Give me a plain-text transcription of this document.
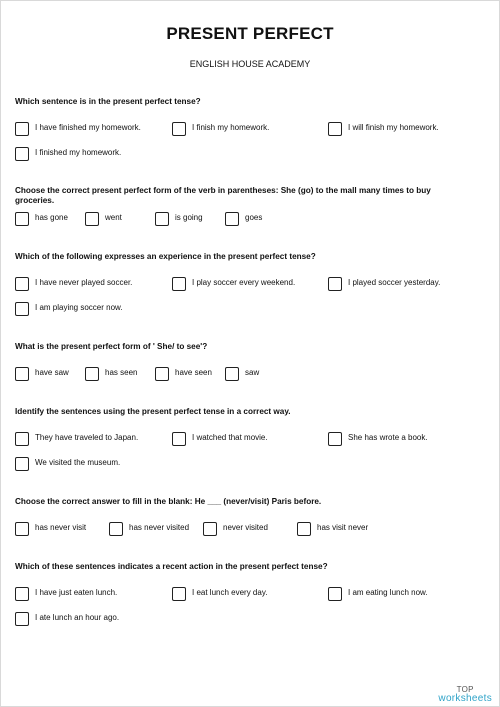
PRESENT PERFECT
ENGLISH HOUSE ACADEMY
Which sentence is in the present perfect tense?
I have finished my homework.	I finish my homework.	I will finish my homework.
I finished my homework.
Choose the correct present perfect form of the verb in parentheses: She (go) to the mall many times to buy groceries.
has gone	went	is going	goes
Which of the following expresses an experience in the present perfect tense?
I have never played soccer.	I play soccer every weekend.	I played soccer yesterday.
I am playing soccer now.
What is the present perfect form of ' She/ to see'?
have saw	has seen	have seen	saw
Identify the sentences using the present perfect tense in a correct way.
They have traveled to Japan.	I watched that movie.	She has wrote a book.
We visited the museum.
Choose the correct answer to fill in the blank: He ___ (never/visit) Paris before.
has never visit	has never visited	never visited	has visit never
Which of these sentences indicates a recent action in the present perfect tense?
I have just eaten lunch.	I eat lunch every day.	I am eating lunch now.
I ate lunch an hour ago.
TOP
worksheets
